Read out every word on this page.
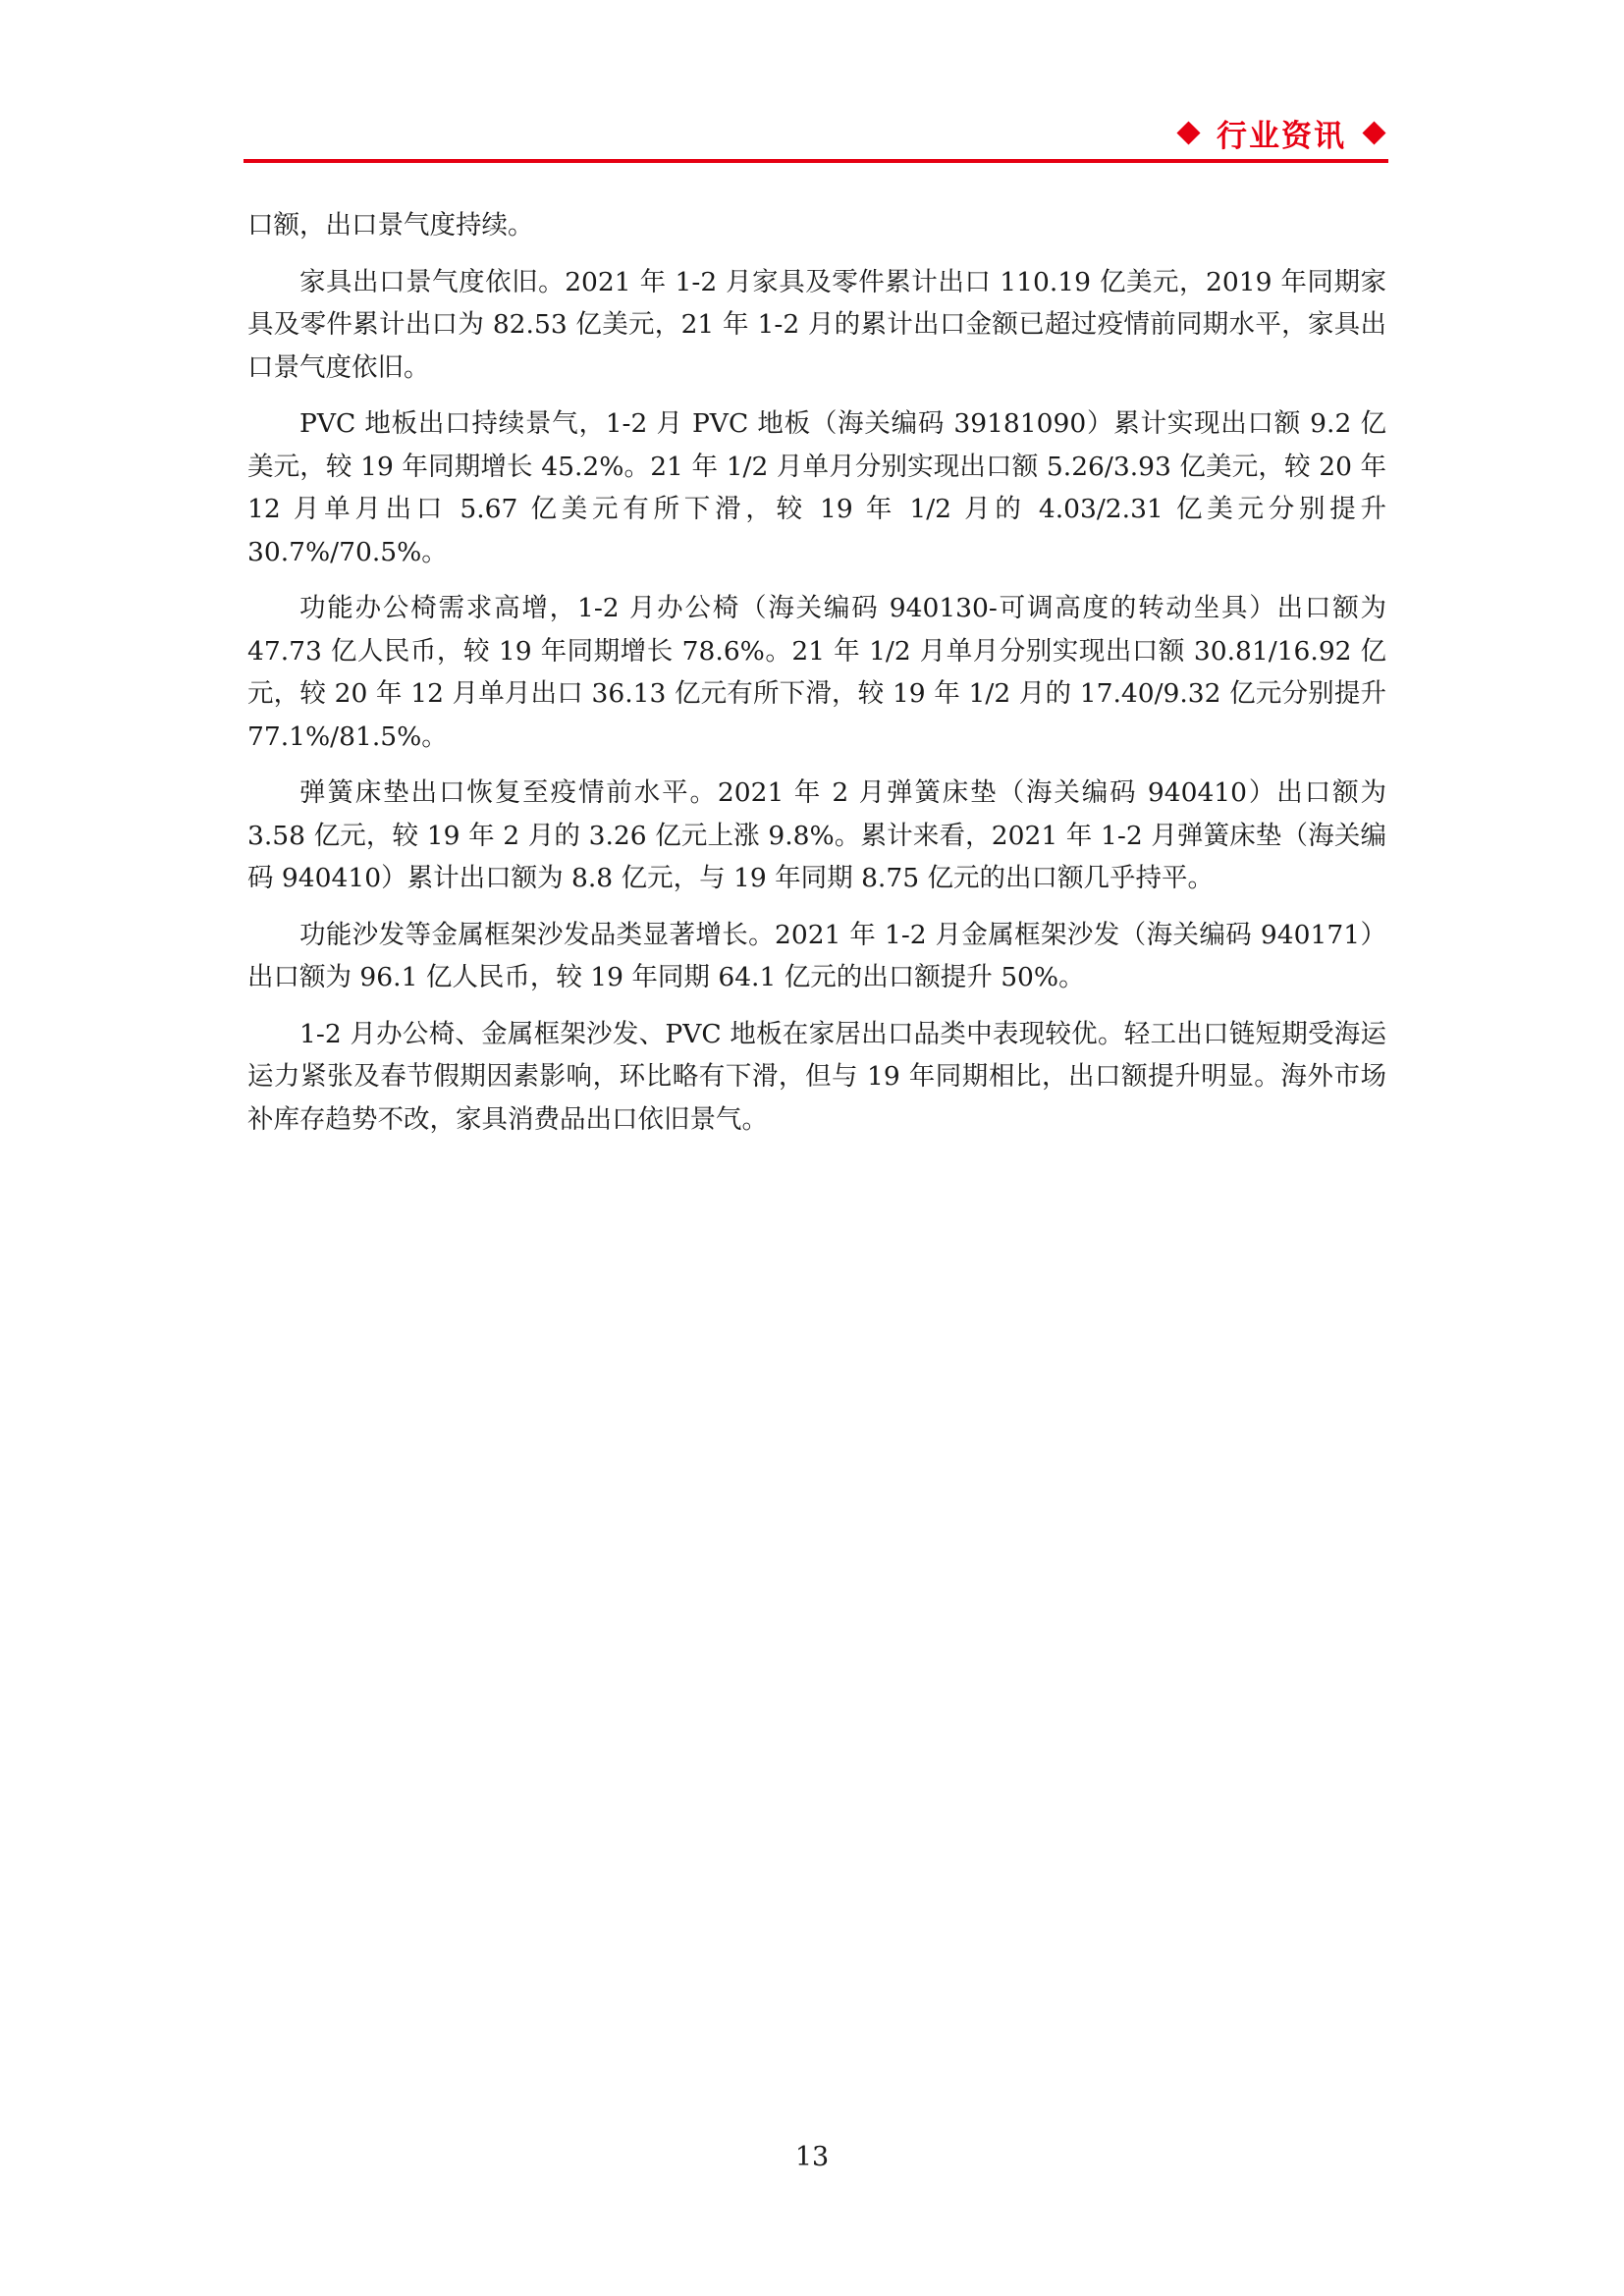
行业资讯

口额，出口景气度持续。

家具出口景气度依旧。2021 年 1-2 月家具及零件累计出口 110.19 亿美元，2019 年同期家具及零件累计出口为 82.53 亿美元，21 年 1-2 月的累计出口金额已超过疫情前同期水平，家具出口景气度依旧。

PVC 地板出口持续景气，1-2 月 PVC 地板（海关编码 39181090）累计实现出口额 9.2 亿美元，较 19 年同期增长 45.2%。21 年 1/2 月单月分别实现出口额 5.26/3.93 亿美元，较 20 年 12 月单月出口 5.67 亿美元有所下滑，较 19 年 1/2 月的 4.03/2.31 亿美元分别提升 30.7%/70.5%。

功能办公椅需求高增，1-2 月办公椅（海关编码 940130-可调高度的转动坐具）出口额为 47.73 亿人民币，较 19 年同期增长 78.6%。21 年 1/2 月单月分别实现出口额 30.81/16.92 亿元，较 20 年 12 月单月出口 36.13 亿元有所下滑，较 19 年 1/2 月的 17.40/9.32 亿元分别提升 77.1%/81.5%。

弹簧床垫出口恢复至疫情前水平。2021 年 2 月弹簧床垫（海关编码 940410）出口额为 3.58 亿元，较 19 年 2 月的 3.26 亿元上涨 9.8%。累计来看，2021 年 1-2 月弹簧床垫（海关编码 940410）累计出口额为 8.8 亿元，与 19 年同期 8.75 亿元的出口额几乎持平。

功能沙发等金属框架沙发品类显著增长。2021 年 1-2 月金属框架沙发（海关编码 940171）出口额为 96.1 亿人民币，较 19 年同期 64.1 亿元的出口额提升 50%。

1-2 月办公椅、金属框架沙发、PVC 地板在家居出口品类中表现较优。轻工出口链短期受海运运力紧张及春节假期因素影响，环比略有下滑，但与 19 年同期相比，出口额提升明显。海外市场补库存趋势不改，家具消费品出口依旧景气。

13
